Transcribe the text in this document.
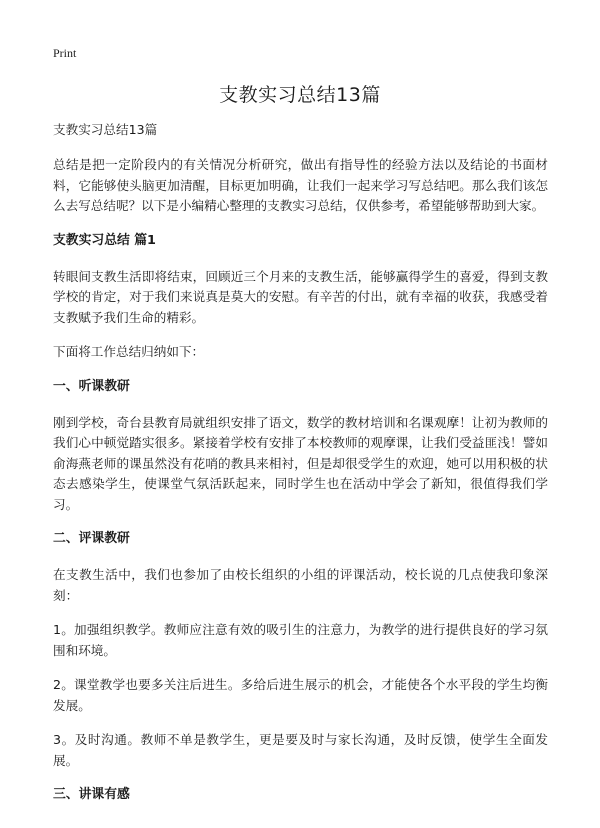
Print
支教实习总结13篇

支教实习总结13篇

总结是把一定阶段内的有关情况分析研究，做出有指导性的经验方法以及结论的书面材料，它能够使头脑更加清醒，目标更加明确，让我们一起来学习写总结吧。那么我们该怎么去写总结呢？以下是小编精心整理的支教实习总结，仅供参考，希望能够帮助到大家。

支教实习总结 篇1

转眼间支教生活即将结束，回顾近三个月来的支教生活，能够赢得学生的喜爱，得到支教学校的肯定，对于我们来说真是莫大的安慰。有辛苦的付出，就有幸福的收获，我感受着支教赋予我们生命的精彩。

下面将工作总结归纳如下：

一、听课教研

刚到学校，奇台县教育局就组织安排了语文，数学的教材培训和名课观摩！让初为教师的我们心中顿觉踏实很多。紧接着学校有安排了本校教师的观摩课，让我们受益匪浅！譬如俞海燕老师的课虽然没有花哨的教具来相衬，但是却很受学生的欢迎，她可以用积极的状态去感染学生，使课堂气氛活跃起来，同时学生也在活动中学会了新知，很值得我们学习。

二、评课教研

在支教生活中，我们也参加了由校长组织的小组的评课活动，校长说的几点使我印象深刻：

1。加强组织教学。教师应注意有效的吸引生的注意力，为教学的进行提供良好的学习氛围和环境。

2。课堂教学也要多关注后进生。多给后进生展示的机会，才能使各个水平段的学生均衡发展。

3。及时沟通。教师不单是教学生，更是要及时与家长沟通，及时反馈，使学生全面发展。

三、讲课有感
